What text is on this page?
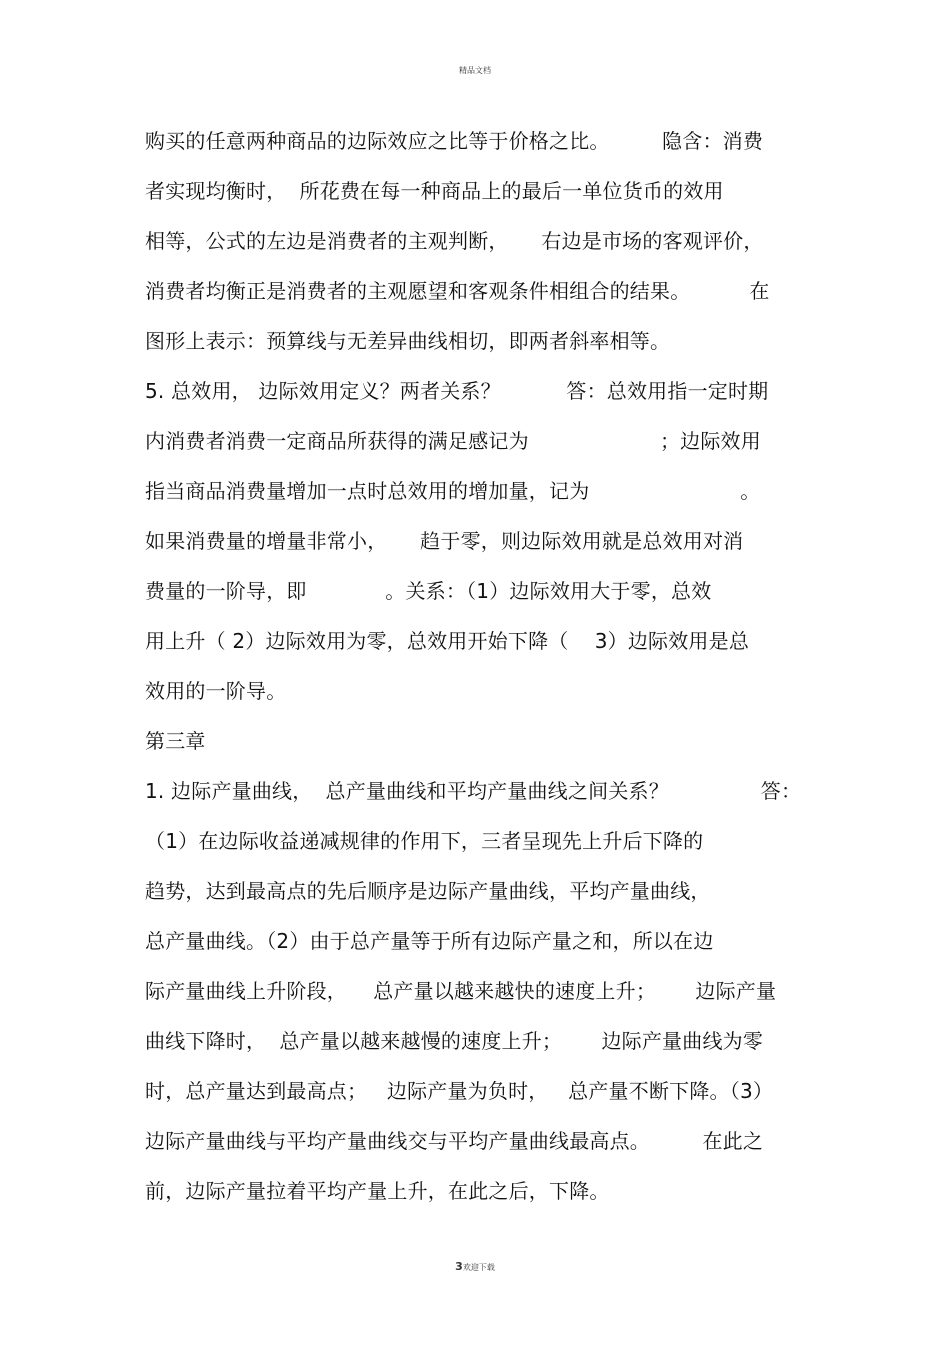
精品文档
购买的任意两种商品的边际效应之比等于价格之比。        隐含：消费
者实现均衡时，  所花费在每一种商品上的最后一单位货币的效用
相等，公式的左边是消费者的主观判断，     右边是市场的客观评价，
消费者均衡正是消费者的主观愿望和客观条件相组合的结果。         在
图形上表示：预算线与无差异曲线相切，即两者斜率相等。
5. 总效用， 边际效用定义？两者关系？          答：总效用指一定时期
内消费者消费一定商品所获得的满足感记为                    ；边际效用
指当商品消费量增加一点时总效用的增加量，记为                       。
如果消费量的增量非常小，     趋于零，则边际效用就是总效用对消
费量的一阶导，即            。关系：（1）边际效用大于零，总效
用上升（ 2）边际效用为零，总效用开始下降（    3）边际效用是总
效用的一阶导。
第三章
1. 边际产量曲线，  总产量曲线和平均产量曲线之间关系？              答：
（1）在边际收益递减规律的作用下，三者呈现先上升后下降的
趋势，达到最高点的先后顺序是边际产量曲线，平均产量曲线，
总产量曲线。（2）由于总产量等于所有边际产量之和，所以在边
际产量曲线上升阶段，    总产量以越来越快的速度上升；      边际产量
曲线下降时，  总产量以越来越慢的速度上升；      边际产量曲线为零
时，总产量达到最高点；   边际产量为负时，   总产量不断下降。（3）
边际产量曲线与平均产量曲线交与平均产量曲线最高点。        在此之
前，边际产量拉着平均产量上升，在此之后，下降。
3欢迎下载
